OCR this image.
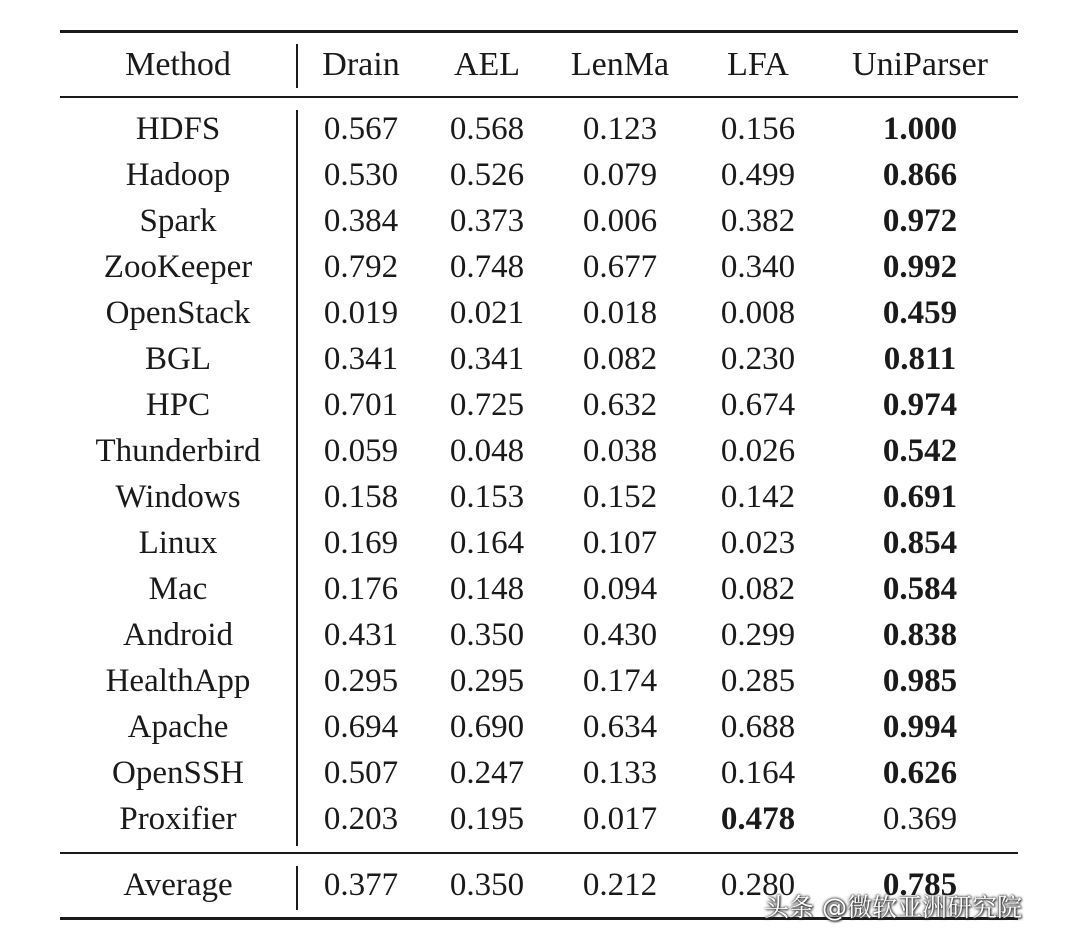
Method	Drain AEL LenMa LFA UniParser
HDFS	0.567 0.568 0.123 0.156	1.000
Hadoop	0.530 0.526 0.079 0.499	0.866
Spark	0.384 0.373 0.006 0.382	0.972
ZooKeeper 0.792 0.748 0.677 0.340	0.992
OpenStack 0.019 0.021 0.018 0.008	0.459
BGL	0.341 0.341 0.082 0.230	0.811
HPC	0.701 0.725 0.632 0.674	0.974
Thunderbird 0.059 0.048 0.038 0.026	0.542
Windows	0.158 0.153 0.152 0.142	0.691
Linux	0.169 0.164 0.107 0.023	0.854
Mac	0.176 0.148 0.094 0.082	0.584
Android	0.431 0.350 0.430 0.299	0.838
HealthApp 0.295 0.295 0.174 0.285	0.985
Apache	0.694 0.690 0.634 0.688	0.994
OpenSSH 0.507 0.247 0.133 0.164	0.626
Proxifier	0.203 0.195 0.017 0.478	0.369
Average	0.377 0.350 0.212 0.280	0.785
头条 @微软亚洲研究院
